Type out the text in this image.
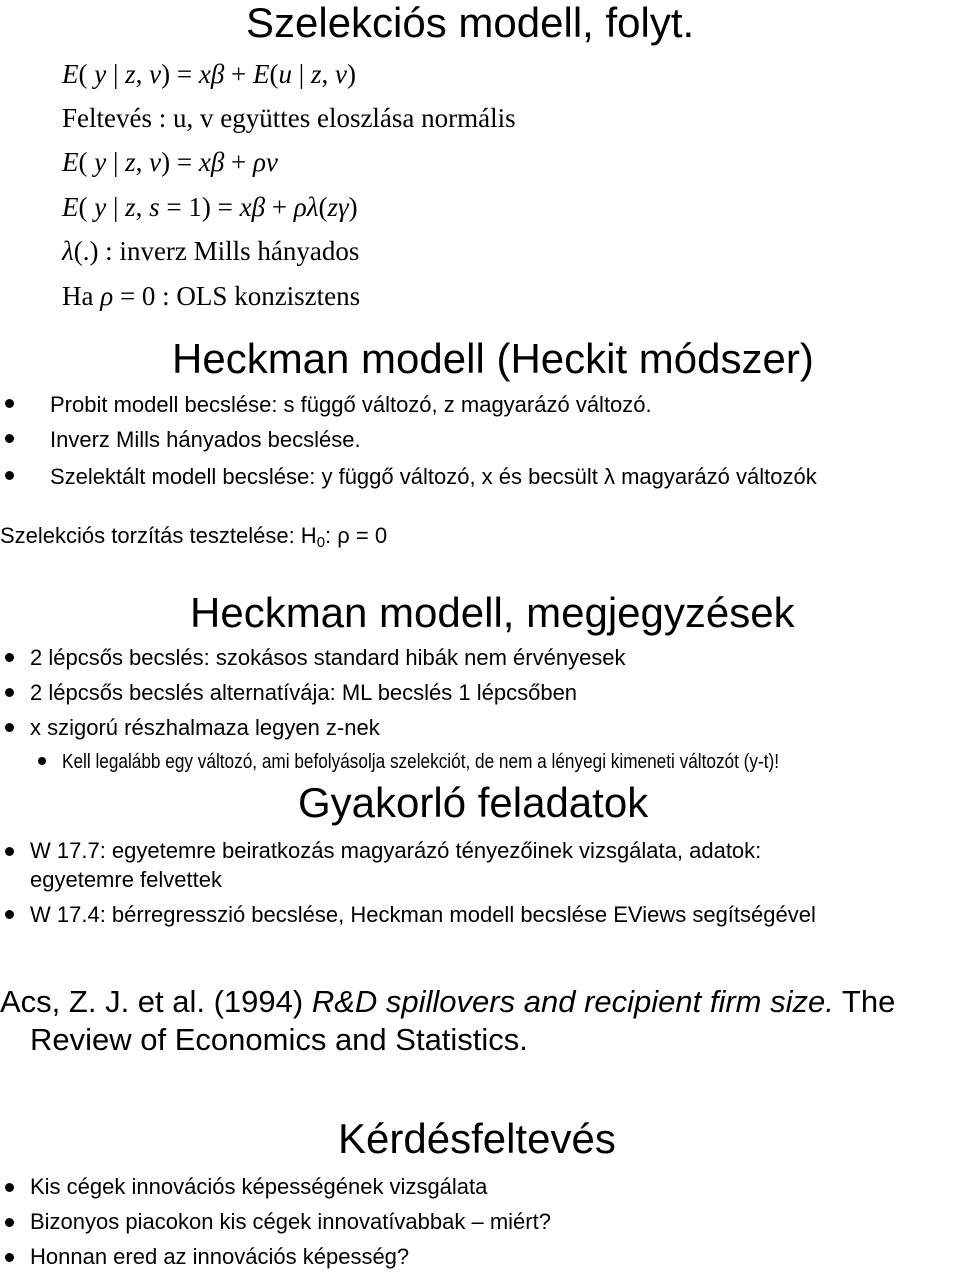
Szelekciós modell, folyt.
E( y | z, v) = xβ + E(u | z, v)
Feltevés : u, v együttes eloszlása normális
E( y | z, v) = xβ + ρv
E( y | z, s = 1) = xβ + ρλ(zγ)
λ(.) : inverz Mills hányados
Ha ρ = 0 : OLS konzisztens
Heckman modell (Heckit módszer)
Probit modell becslése: s függő változó, z magyarázó változó.
Inverz Mills hányados becslése.
Szelektált modell becslése: y függő változó, x és becsült λ magyarázó változók
Szelekciós torzítás tesztelése: $H_0$: ρ = 0
Heckman modell, megjegyzések
2 lépcsős becslés: szokásos standard hibák nem érvényesek
2 lépcsős becslés alternatívája: ML becslés 1 lépcsőben
x szigorú részhalmaza legyen z-nek
Kell legalább egy változó, ami befolyásolja szelekciót, de nem a lényegi kimeneti változót (y-t)!
Gyakorló feladatok
W 17.7: egyetemre beiratkozás magyarázó tényezőinek vizsgálata, adatok:
egyetemre felvettek
W 17.4: bérregresszió becslése, Heckman modell becslése EViews segítségével
Acs, Z. J. et al. (1994) R&D spillovers and recipient firm size. The
Review of Economics and Statistics.
Kérdésfeltevés
Kis cégek innovációs képességének vizsgálata
Bizonyos piacokon kis cégek innovatívabbak – miért?
Honnan ered az innovációs képesség?
